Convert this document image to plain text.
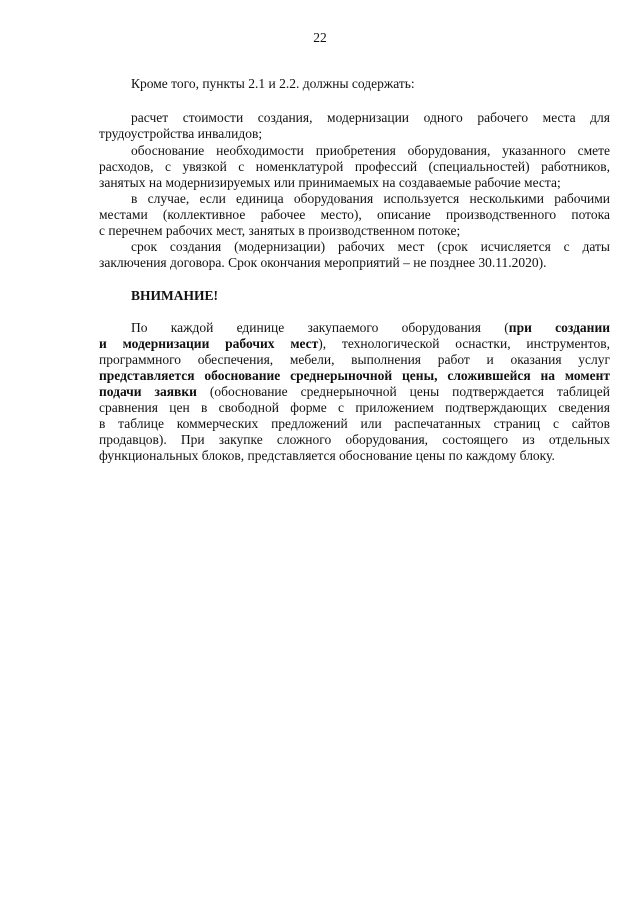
22
Кроме того, пункты 2.1 и 2.2. должны содержать:
расчет стоимости создания, модернизации одного рабочего места для
трудоустройства инвалидов;
обоснование необходимости приобретения оборудования, указанного смете
расходов, с увязкой с номенклатурой профессий (специальностей) работников,
занятых на модернизируемых или принимаемых на создаваемые рабочие места;
в случае, если единица оборудования используется несколькими рабочими
местами (коллективное рабочее место), описание производственного потока
с перечнем рабочих мест, занятых в производственном потоке;
срок создания (модернизации) рабочих мест (срок исчисляется с даты
заключения договора. Срок окончания мероприятий – не позднее 30.11.2020).
ВНИМАНИЕ!
По каждой единице закупаемого оборудования (при создании
и модернизации рабочих мест), технологической оснастки, инструментов,
программного обеспечения, мебели, выполнения работ и оказания услуг
представляется обоснование среднерыночной цены, сложившейся на момент
подачи заявки (обоснование среднерыночной цены подтверждается таблицей
сравнения цен в свободной форме с приложением подтверждающих сведения
в таблице коммерческих предложений или распечатанных страниц с сайтов
продавцов). При закупке сложного оборудования, состоящего из отдельных
функциональных блоков, представляется обоснование цены по каждому блоку.
